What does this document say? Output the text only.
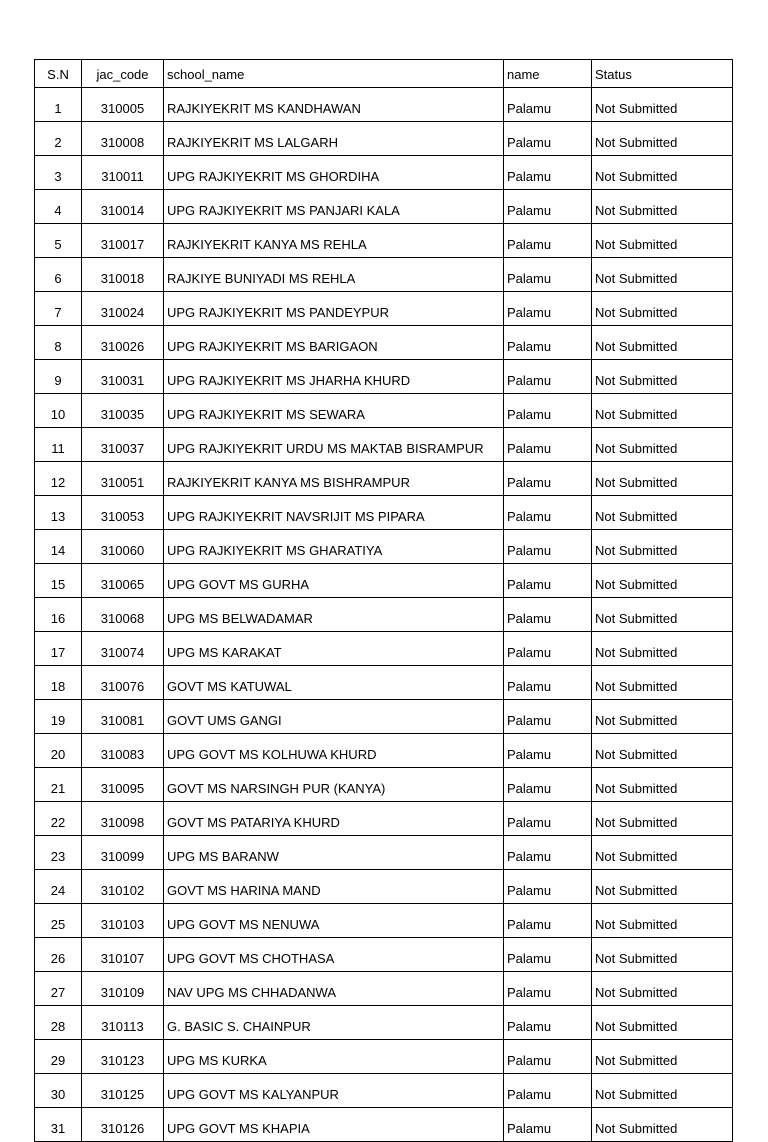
S.N	jac_code	school_name	name	Status
1	310005	RAJKIYEKRIT MS KANDHAWAN	Palamu	Not Submitted
2	310008	RAJKIYEKRIT MS LALGARH	Palamu	Not Submitted
3	310011	UPG RAJKIYEKRIT MS GHORDIHA	Palamu	Not Submitted
4	310014	UPG RAJKIYEKRIT MS PANJARI KALA	Palamu	Not Submitted
5	310017	RAJKIYEKRIT KANYA MS REHLA	Palamu	Not Submitted
6	310018	RAJKIYE BUNIYADI MS REHLA	Palamu	Not Submitted
7	310024	UPG RAJKIYEKRIT MS PANDEYPUR	Palamu	Not Submitted
8	310026	UPG RAJKIYEKRIT MS BARIGAON	Palamu	Not Submitted
9	310031	UPG RAJKIYEKRIT MS JHARHA KHURD	Palamu	Not Submitted
10	310035	UPG RAJKIYEKRIT MS SEWARA	Palamu	Not Submitted
11	310037	UPG RAJKIYEKRIT URDU MS MAKTAB BISRAMPUR	Palamu	Not Submitted
12	310051	RAJKIYEKRIT KANYA MS BISHRAMPUR	Palamu	Not Submitted
13	310053	UPG RAJKIYEKRIT NAVSRIJIT MS PIPARA	Palamu	Not Submitted
14	310060	UPG RAJKIYEKRIT MS GHARATIYA	Palamu	Not Submitted
15	310065	UPG GOVT MS GURHA	Palamu	Not Submitted
16	310068	UPG MS BELWADAMAR	Palamu	Not Submitted
17	310074	UPG MS KARAKAT	Palamu	Not Submitted
18	310076	GOVT MS KATUWAL	Palamu	Not Submitted
19	310081	GOVT UMS GANGI	Palamu	Not Submitted
20	310083	UPG GOVT MS KOLHUWA KHURD	Palamu	Not Submitted
21	310095	GOVT MS NARSINGH PUR (KANYA)	Palamu	Not Submitted
22	310098	GOVT MS PATARIYA KHURD	Palamu	Not Submitted
23	310099	UPG MS BARANW	Palamu	Not Submitted
24	310102	GOVT MS HARINA MAND	Palamu	Not Submitted
25	310103	UPG GOVT MS NENUWA	Palamu	Not Submitted
26	310107	UPG GOVT MS CHOTHASA	Palamu	Not Submitted
27	310109	NAV UPG MS CHHADANWA	Palamu	Not Submitted
28	310113	G. BASIC S. CHAINPUR	Palamu	Not Submitted
29	310123	UPG MS KURKA	Palamu	Not Submitted
30	310125	UPG GOVT MS KALYANPUR	Palamu	Not Submitted
31	310126	UPG GOVT MS KHAPIA	Palamu	Not Submitted
